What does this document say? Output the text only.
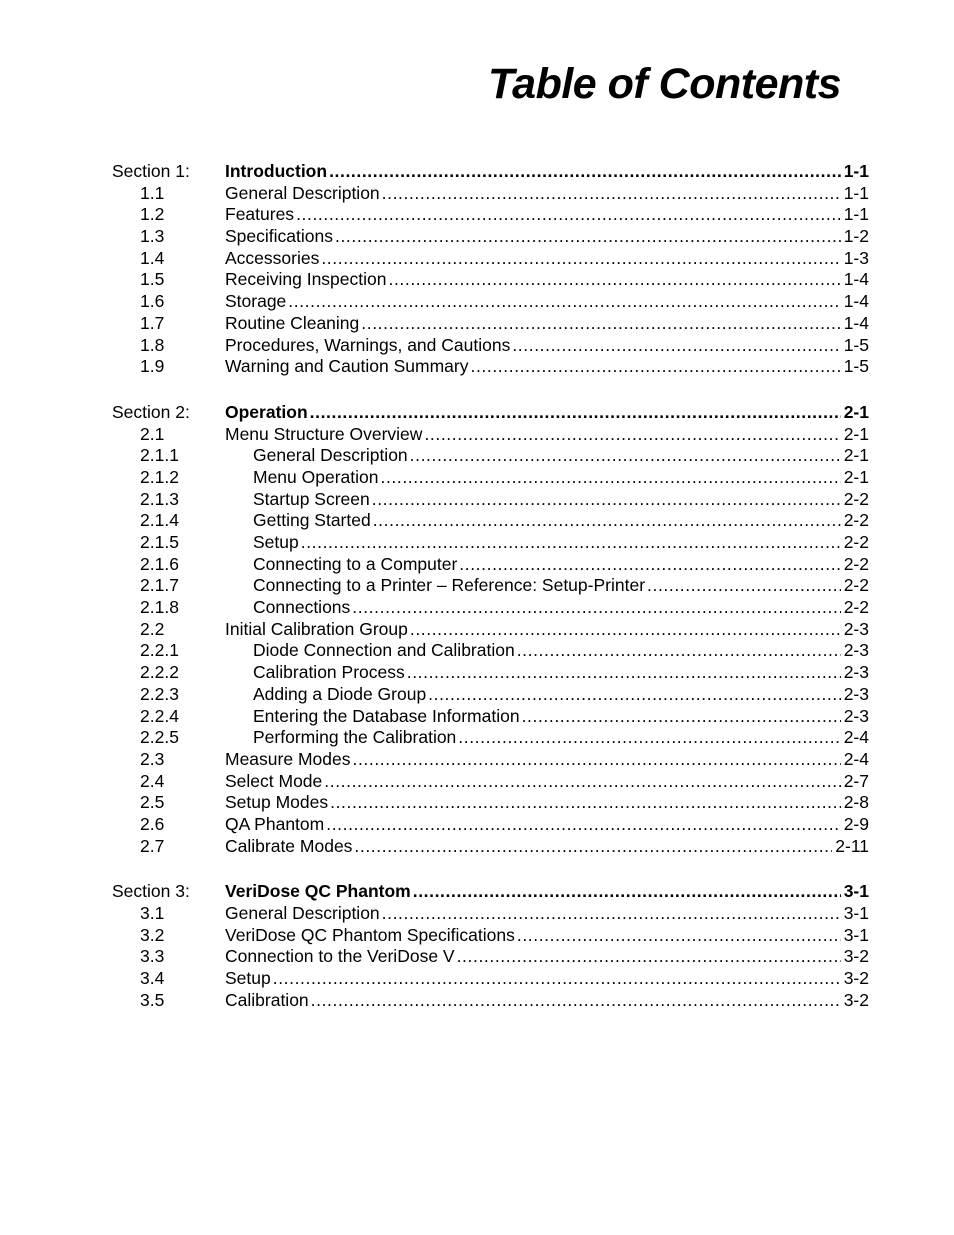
Table of Contents
Section 1: Introduction .....	1-1
1.1	General Description .....	1-1
1.2	Features .....	1-1
1.3	Specifications .....	1-2
1.4	Accessories .....	1-3
1.5	Receiving Inspection .....	1-4
1.6	Storage .....	1-4
1.7	Routine Cleaning .....	1-4
1.8	Procedures, Warnings, and Cautions .....	1-5
1.9	Warning and Caution Summary .....	1-5
Section 2: Operation .....	2-1
2.1	Menu Structure Overview .....	2-1
2.1.1	General Description .....	2-1
2.1.2	Menu Operation .....	2-1
2.1.3	Startup Screen .....	2-2
2.1.4	Getting Started .....	2-2
2.1.5	Setup .....	2-2
2.1.6	Connecting to a Computer .....	2-2
2.1.7	Connecting to a Printer – Reference: Setup-Printer .....	2-2
2.1.8	Connections .....	2-2
2.2	Initial Calibration Group .....	2-3
2.2.1	Diode Connection and Calibration .....	2-3
2.2.2	Calibration Process .....	2-3
2.2.3	Adding a Diode Group .....	2-3
2.2.4	Entering the Database Information .....	2-3
2.2.5	Performing the Calibration .....	2-4
2.3	Measure Modes .....	2-4
2.4	Select Mode .....	2-7
2.5	Setup Modes .....	2-8
2.6	QA Phantom .....	2-9
2.7	Calibrate Modes .....	2-11
Section 3: VeriDose QC Phantom .....	3-1
3.1	General Description .....	3-1
3.2	VeriDose QC Phantom Specifications .....	3-1
3.3	Connection to the VeriDose V .....	3-2
3.4	Setup .....	3-2
3.5	Calibration .....	3-2
